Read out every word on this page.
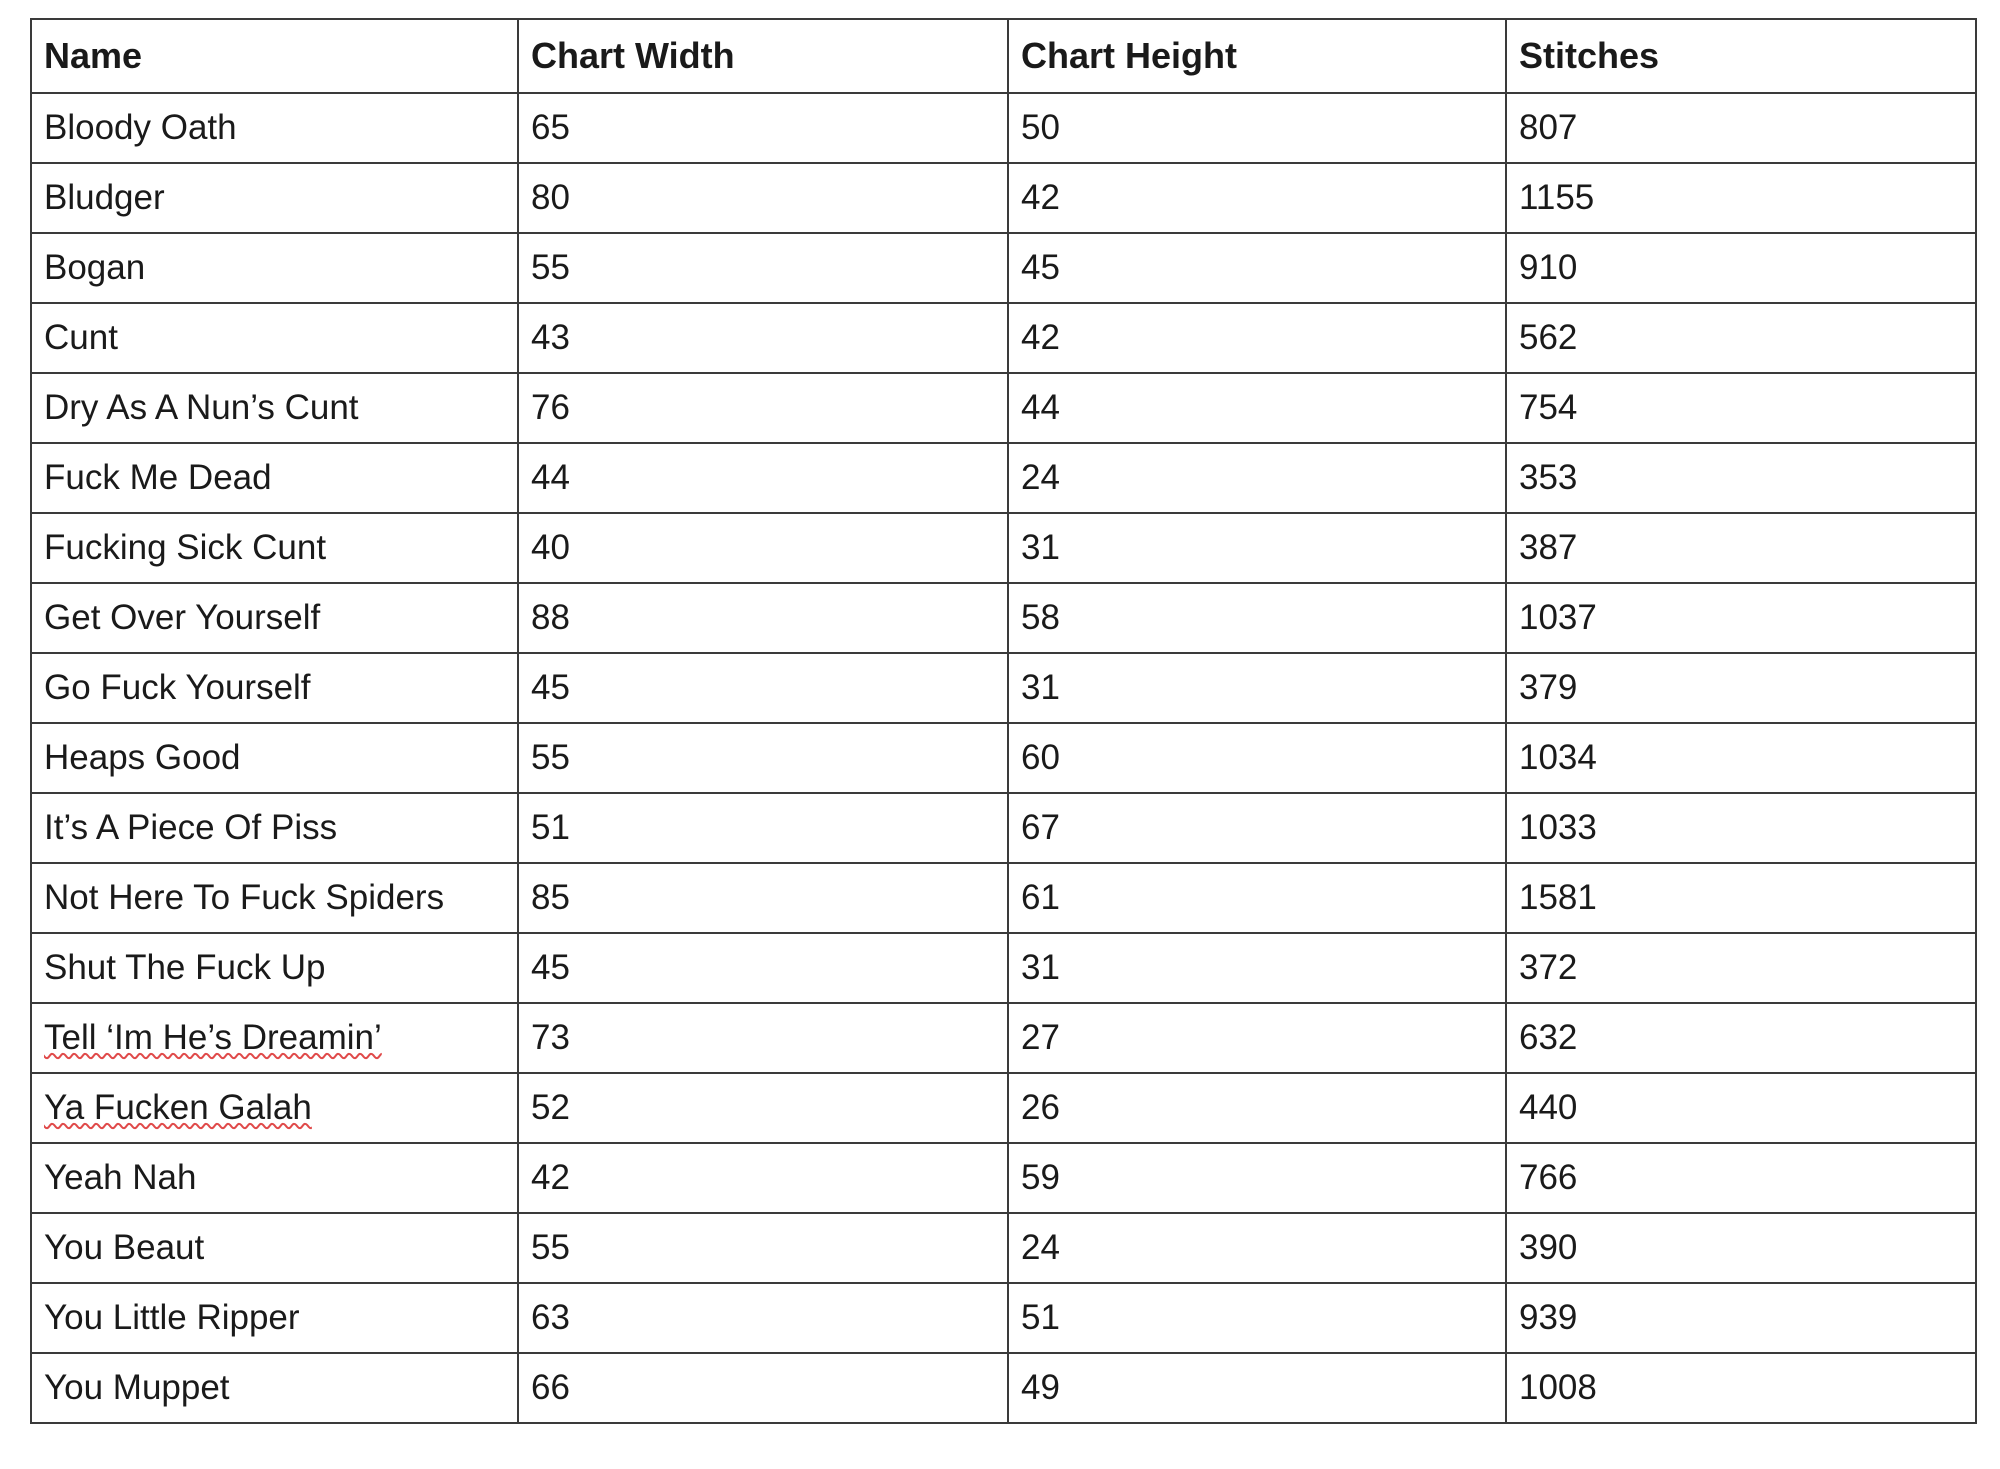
Name	Chart Width	Chart Height	Stitches
Bloody Oath	65	50	807
Bludger	80	42	1155
Bogan	55	45	910
Cunt	43	42	562
Dry As A Nun’s Cunt	76	44	754
Fuck Me Dead	44	24	353
Fucking Sick Cunt	40	31	387
Get Over Yourself	88	58	1037
Go Fuck Yourself	45	31	379
Heaps Good	55	60	1034
It’s A Piece Of Piss	51	67	1033
Not Here To Fuck Spiders	85	61	1581
Shut The Fuck Up	45	31	372
Tell ‘Im He’s Dreamin’	73	27	632
Ya Fucken Galah	52	26	440
Yeah Nah	42	59	766
You Beaut	55	24	390
You Little Ripper	63	51	939
You Muppet	66	49	1008
